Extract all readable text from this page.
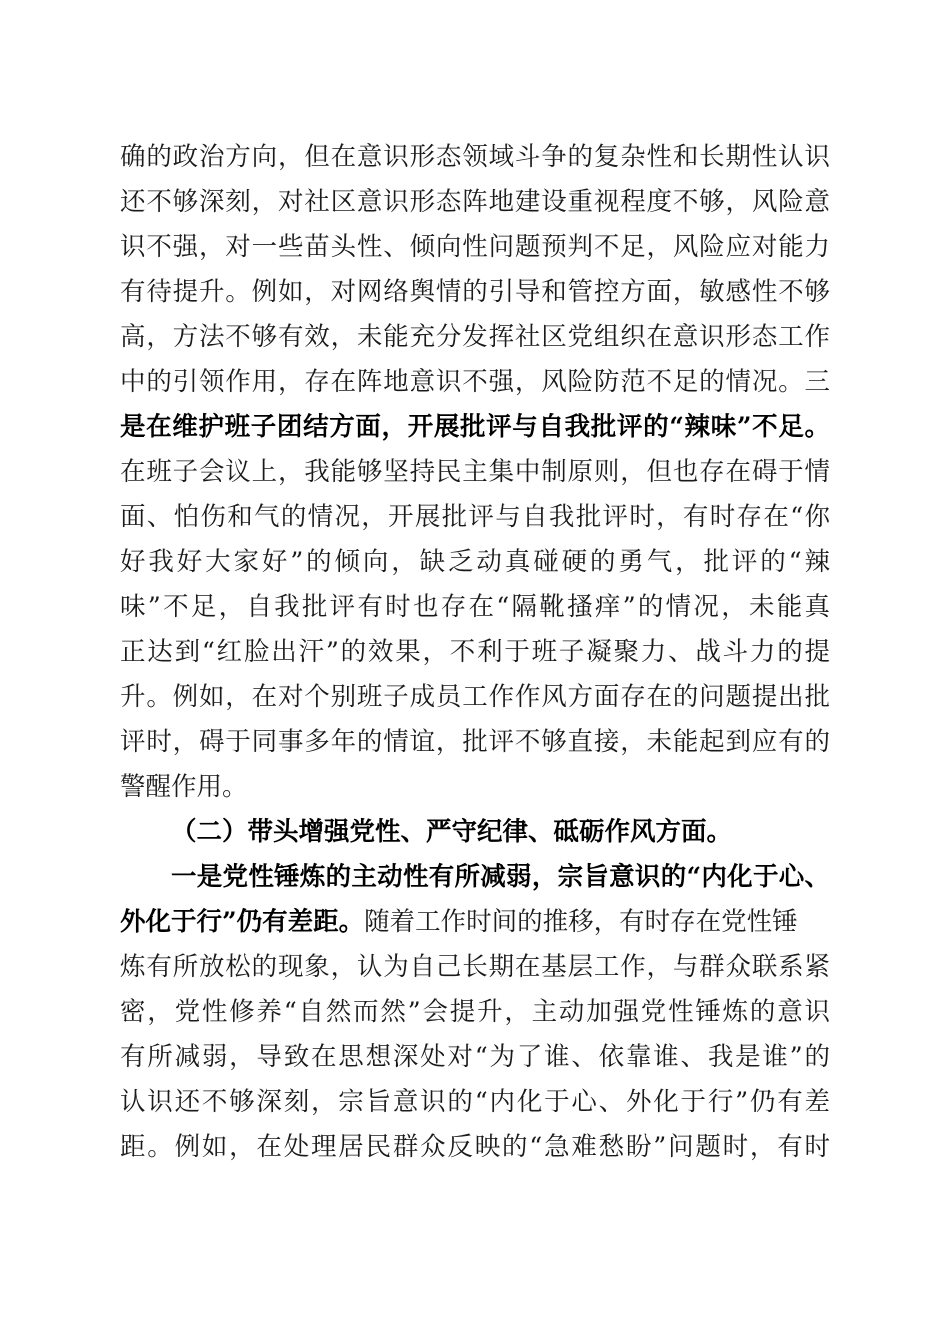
确的政治方向，但在意识形态领域斗争的复杂性和长期性认识
还不够深刻，对社区意识形态阵地建设重视程度不够，风险意
识不强，对一些苗头性、倾向性问题预判不足，风险应对能力
有待提升。例如，对网络舆情的引导和管控方面，敏感性不够
高，方法不够有效，未能充分发挥社区党组织在意识形态工作
中的引领作用，存在阵地意识不强，风险防范不足的情况。三
是在维护班子团结方面，开展批评与自我批评的“辣味”不足。
在班子会议上，我能够坚持民主集中制原则，但也存在碍于情
面、怕伤和气的情况，开展批评与自我批评时，有时存在“你
好我好大家好”的倾向，缺乏动真碰硬的勇气，批评的“辣
味”不足，自我批评有时也存在“隔靴搔痒”的情况，未能真
正达到“红脸出汗”的效果，不利于班子凝聚力、战斗力的提
升。例如，在对个别班子成员工作作风方面存在的问题提出批
评时，碍于同事多年的情谊，批评不够直接，未能起到应有的
警醒作用。
（二）带头增强党性、严守纪律、砥砺作风方面。
一是党性锤炼的主动性有所减弱，宗旨意识的“内化于心、
外化于行”仍有差距。 随着工作时间的推移，有时存在党性锤
炼有所放松的现象，认为自己长期在基层工作，与群众联系紧
密，党性修养“自然而然”会提升，主动加强党性锤炼的意识
有所减弱，导致在思想深处对“为了谁、依靠谁、我是谁”的
认识还不够深刻，宗旨意识的“内化于心、外化于行”仍有差
距。例如，在处理居民群众反映的“急难愁盼”问题时，有时
